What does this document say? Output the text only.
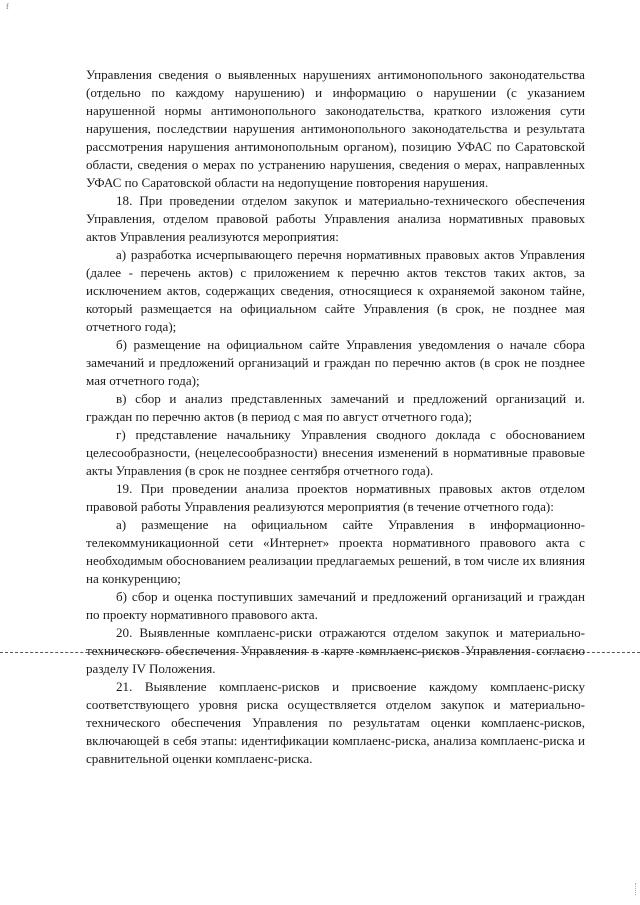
f

Управления сведения о выявленных нарушениях антимонопольного законодательства (отдельно по каждому нарушению) и информацию о нарушении (с указанием нарушенной нормы антимонопольного законодательства, краткого изложения сути нарушения, последствии нарушения антимонопольного законодательства и результата рассмотрения нарушения антимонопольным органом), позицию УФАС по Саратовской области, сведения о мерах по устранению нарушения, сведения о мерах, направленных УФАС по Саратовской области на недопущение повторения нарушения.

18. При проведении отделом закупок и материально-технического обеспечения Управления, отделом правовой работы Управления анализа нормативных правовых актов Управления реализуются мероприятия:

а) разработка исчерпывающего перечня нормативных правовых актов Управления (далее - перечень актов) с приложением к перечню актов текстов таких актов, за исключением актов, содержащих сведения, относящиеся к охраняемой законом тайне, который размещается на официальном сайте Управления (в срок, не позднее мая отчетного года);

б) размещение на официальном сайте Управления уведомления о начале сбора замечаний и предложений организаций и граждан по перечню актов (в срок не позднее мая отчетного года);

в) сбор и анализ представленных замечаний и предложений организаций и. граждан по перечню актов (в период с мая по август отчетного года);

г) представление начальнику Управления сводного доклада с обоснованием целесообразности, (нецелесообразности) внесения изменений в нормативные правовые акты Управления (в срок не позднее сентября отчетного года).

19. При проведении анализа проектов нормативных правовых актов отделом правовой работы Управления реализуются мероприятия (в течение отчетного года):

а) размещение на официальном сайте Управления в информационно-телекоммуникационной сети «Интернет» проекта нормативного правового акта с необходимым обоснованием реализации предлагаемых решений, в том числе их влияния на конкуренцию;

б) сбор и оценка поступивших замечаний и предложений организаций и граждан по проекту нормативного правового акта.

20. Выявленные комплаенс-риски отражаются отделом закупок и материально-технического обеспечения Управления в карте комплаенс-рисков Управления согласно разделу IV Положения.

21. Выявление комплаенс-рисков и присвоение каждому комплаенс-риску соответствующего уровня риска осуществляется отделом закупок и материально-технического обеспечения Управления по результатам оценки комплаенс-рисков, включающей в себя этапы: идентификации комплаенс-риска, анализа комплаенс-риска и сравнительной оценки комплаенс-риска.
